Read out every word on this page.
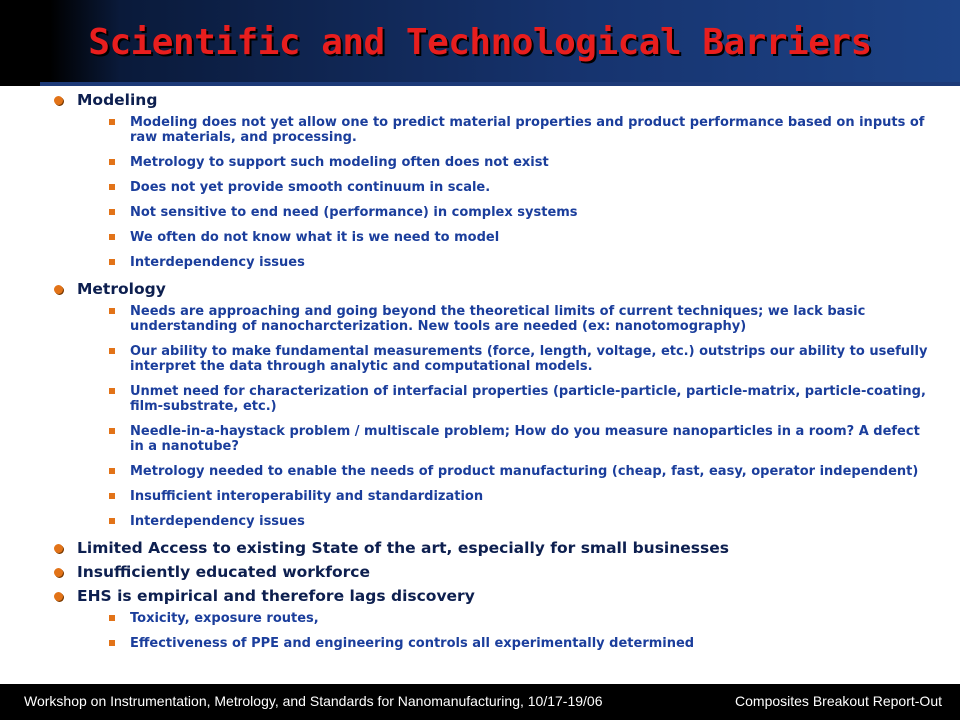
Scientific and Technological Barriers
Modeling
Modeling does not yet allow one to predict material properties and product performance based on inputs of raw materials, and processing.
Metrology to support such modeling often does not exist
Does not yet provide smooth continuum in scale.
Not sensitive to end need (performance) in complex systems
We often do not know what it is we need to model
Interdependency issues
Metrology
Needs are approaching and going beyond the theoretical limits of current techniques; we lack basic understanding of nanocharcterization. New tools are needed (ex: nanotomography)
Our ability to make fundamental measurements (force, length, voltage, etc.) outstrips our ability to usefully interpret the data through analytic and computational models.
Unmet need for characterization of interfacial properties (particle-particle, particle-matrix, particle-coating, film-substrate, etc.)
Needle-in-a-haystack problem / multiscale problem; How do you measure nanoparticles in a room? A defect in a nanotube?
Metrology needed to enable the needs of product manufacturing (cheap, fast, easy, operator independent)
Insufficient interoperability and standardization
Interdependency issues
Limited Access to existing State of the art, especially for small businesses
Insufficiently educated workforce
EHS is empirical and therefore lags discovery
Toxicity, exposure routes,
Effectiveness of PPE and engineering controls all experimentally determined
Workshop on Instrumentation, Metrology, and Standards for Nanomanufacturing, 10/17-19/06	Composites Breakout Report-Out
